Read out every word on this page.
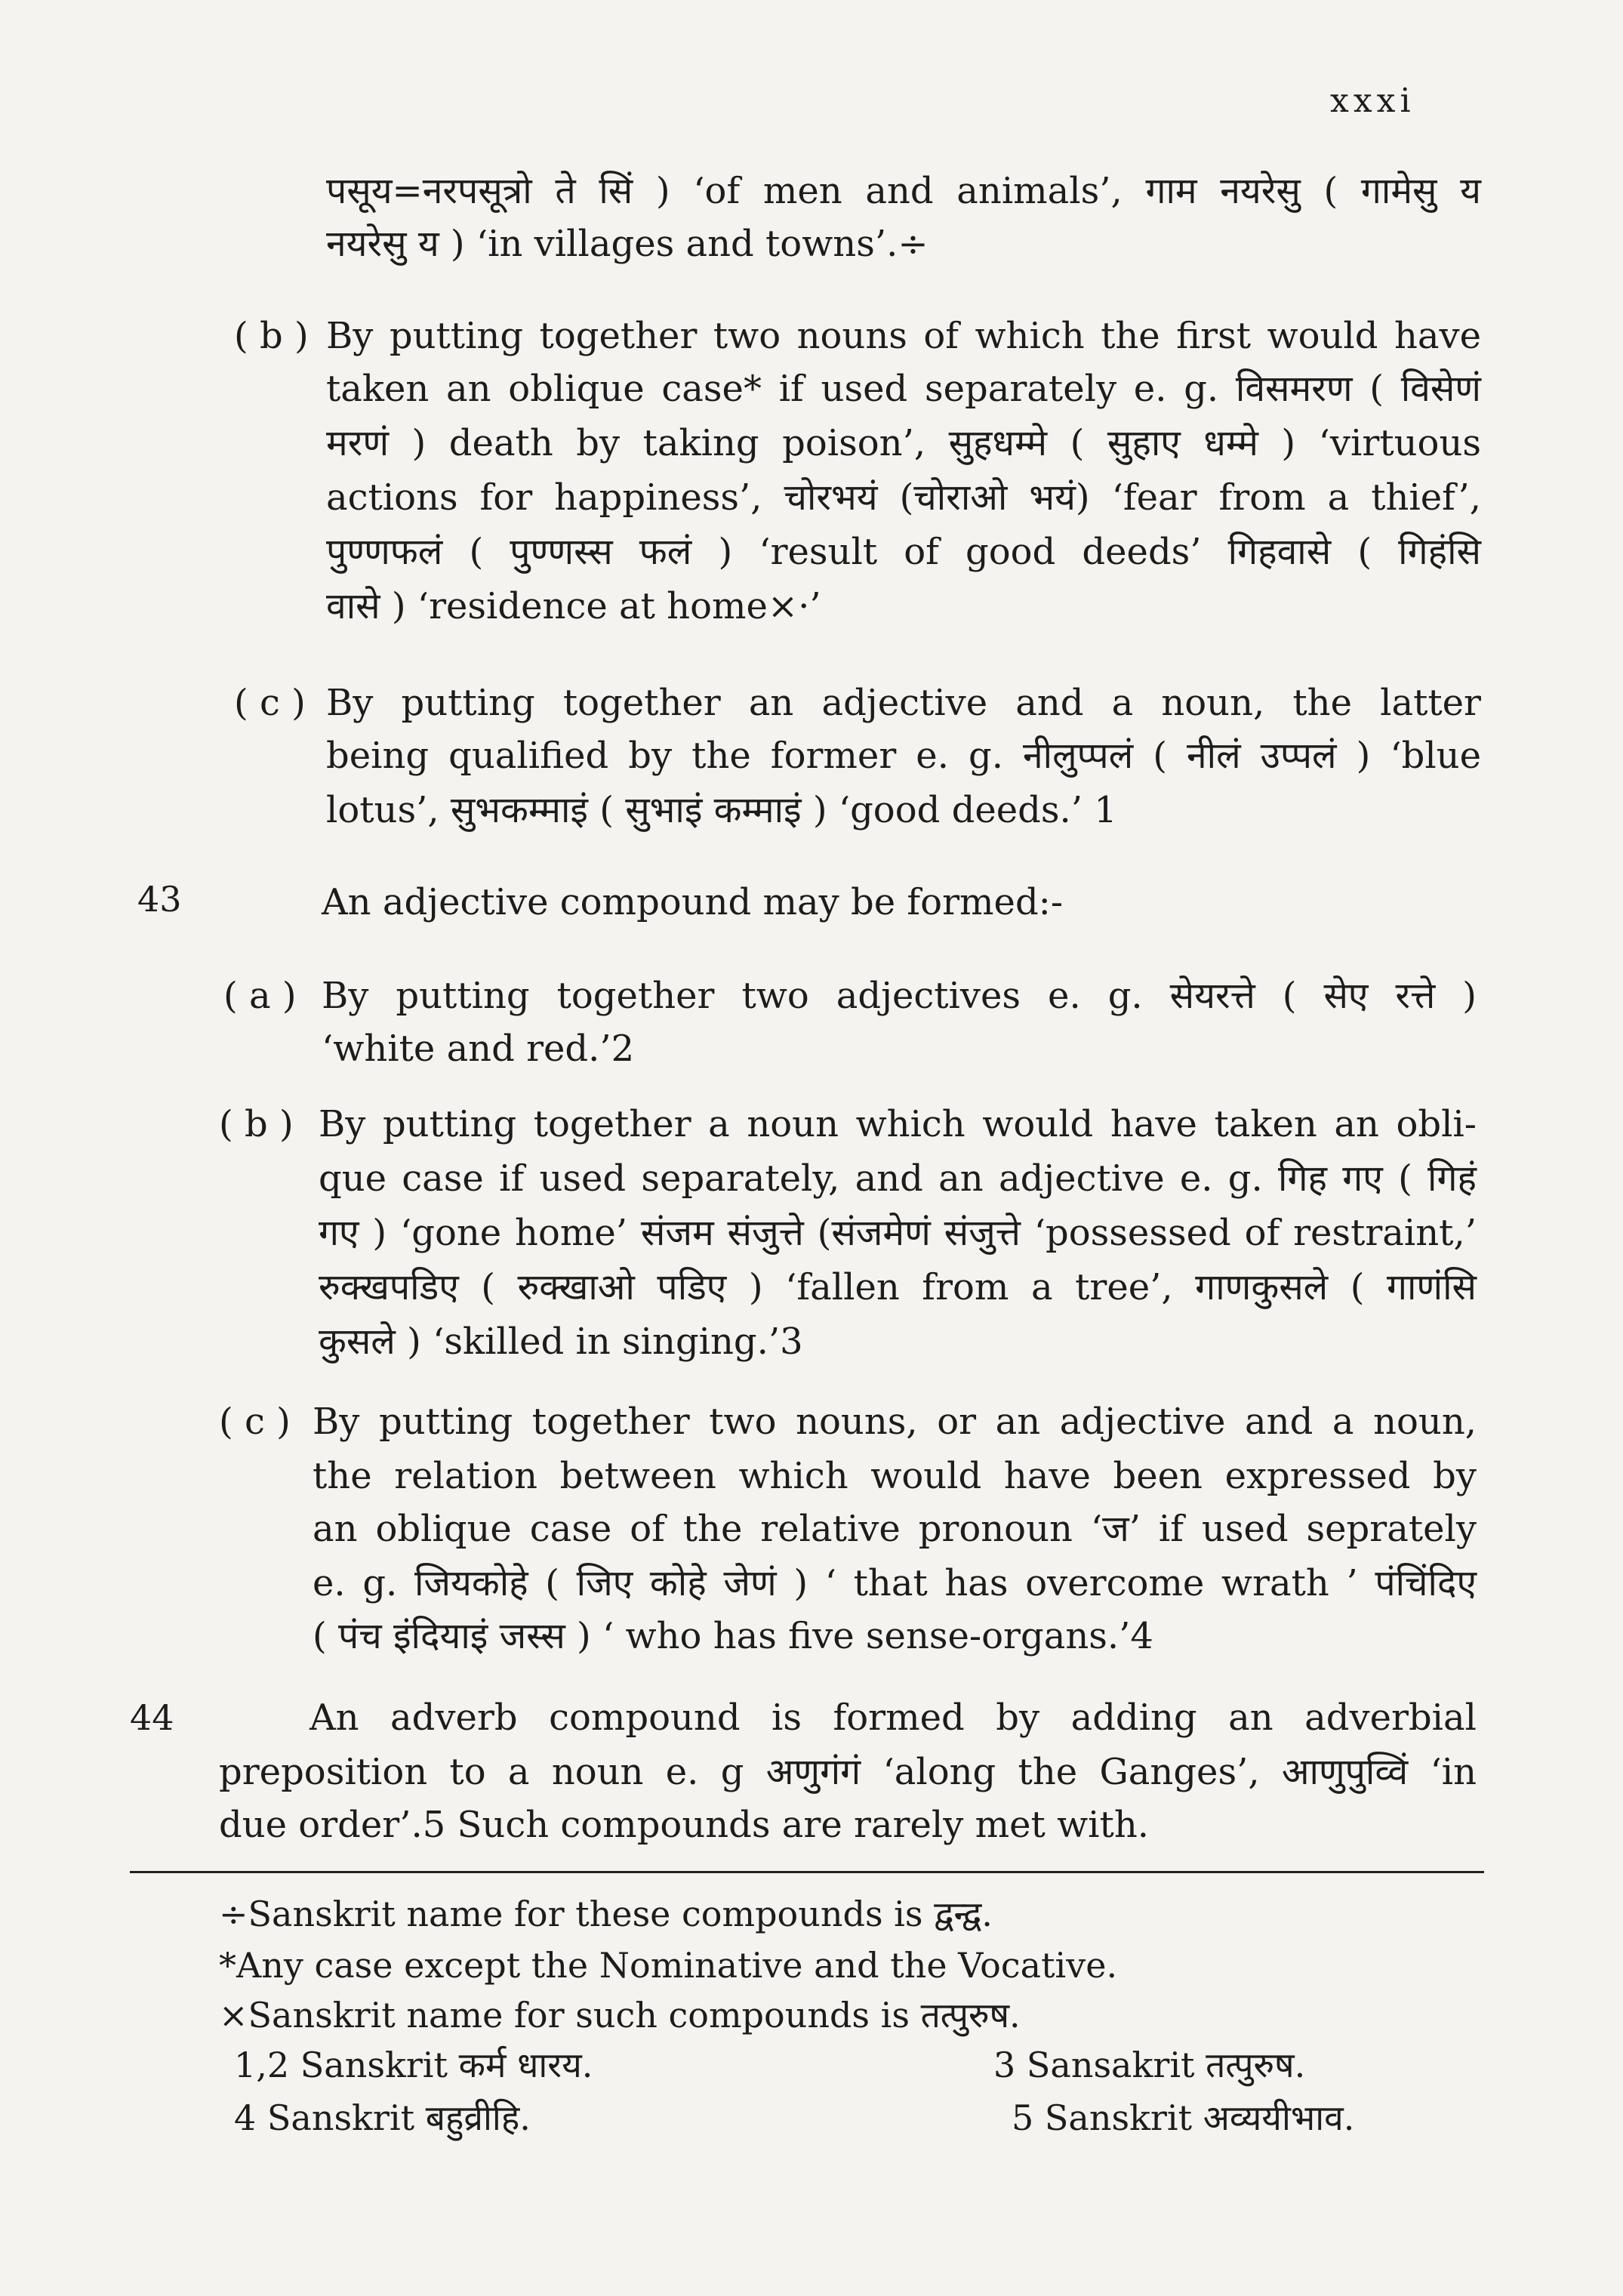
xxxi
पसूय=नरपसूत्रो ते सिं ) ‘of men and animals’, गाम नयरेसु ( गामेसु य
नयरेसु य ) ‘in villages and towns’.÷
( b ) By putting together two nouns of which the first would have
taken an oblique case* if used separately e. g. विसमरण ( विसेणं
मरणं ) death by taking poison’, सुहधम्मे ( सुहाए धम्मे ) ‘virtuous
actions for happiness’, चोरभयं (चोराओ भयं) ‘fear from a thief’,
पुण्णफलं ( पुण्णस्स फलं ) ‘result of good deeds’ गिहवासे ( गिहंसि
वासे ) ‘residence at home×·’
( c ) By putting together an adjective and a noun, the latter
being qualified by the former e. g. नीलुप्पलं ( नीलं उप्पलं ) ‘blue
lotus’, सुभकम्माइं ( सुभाइं कम्माइं ) ‘good deeds.’ 1
43	An adjective compound may be formed:-
( a ) By putting together two adjectives e. g. सेयरत्ते ( सेए रत्ते )
‘white and red.’2
( b ) By putting together a noun which would have taken an obli-
que case if used separately, and an adjective e. g. गिह गए ( गिहं
गए ) ‘gone home’ संजम संजुत्ते (संजमेणं संजुत्ते ‘possessed of restraint,’
रुक्खपडिए ( रुक्खाओ पडिए ) ‘fallen from a tree’, गाणकुसले ( गाणंसि
कुसले ) ‘skilled in singing.’3
( c ) By putting together two nouns, or an adjective and a noun,
the relation between which would have been expressed by
an oblique case of the relative pronoun ‘ज’ if used seprately
e. g. जियकोहे ( जिए कोहे जेणं ) ‘ that has overcome wrath ’ पंचिंदिए
( पंच इंदियाइं जस्स ) ‘ who has five sense-organs.’4
44	An adverb compound is formed by adding an adverbial
preposition to a noun e. g अणुगंगं ‘along the Ganges’, आणुपुव्विं ‘in
due order’.5 Such compounds are rarely met with.
÷Sanskrit name for these compounds is द्वन्द्व.
*Any case except the Nominative and the Vocative.
×Sanskrit name for such compounds is तत्पुरुष.
1,2 Sanskrit कर्म धारय.	3 Sansakrit तत्पुरुष.
4 Sanskrit बहुव्रीहि.	5 Sanskrit अव्ययीभाव.
